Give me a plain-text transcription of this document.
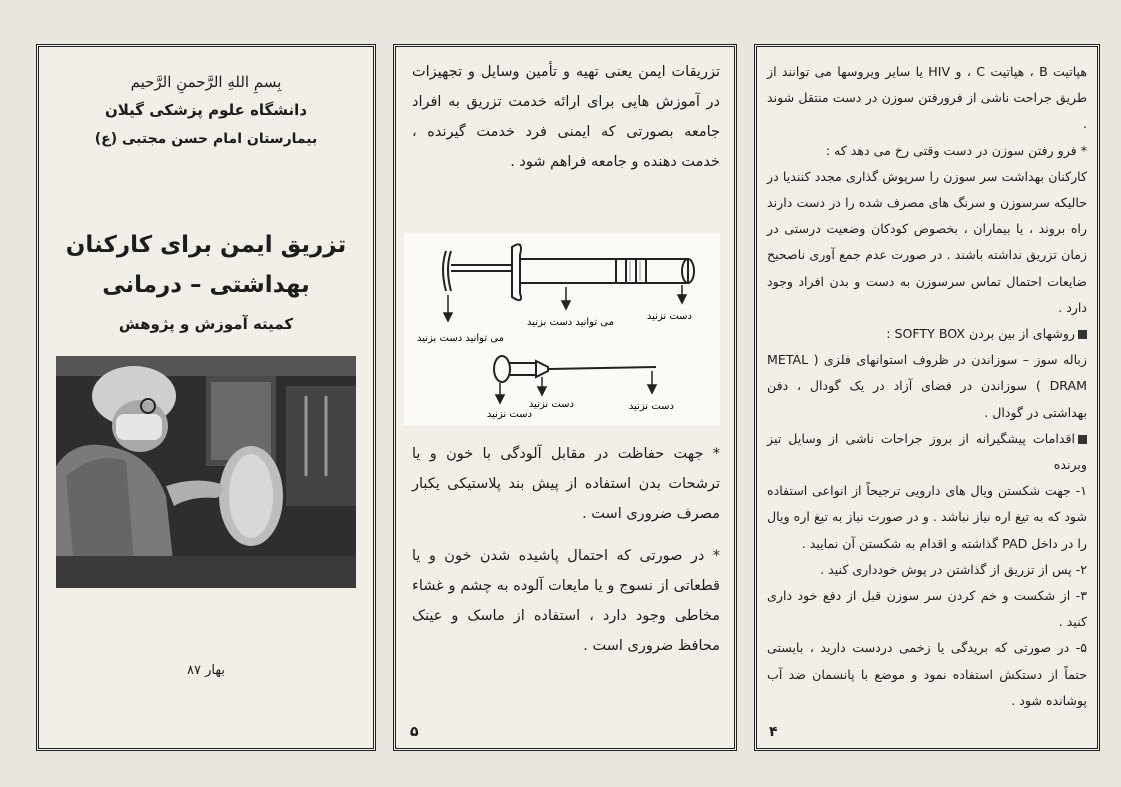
بِسمِ اللهِ الرَّحمنِ الرَّحیم
دانشگاه علوم پزشکی گیلان
بیمارستان امام حسن مجتبی (ع)
تزریق ایمن برای کارکنان
بهداشتی – درمانی
کمیته آموزش و پژوهش
بهار ۸۷
تزریقات ایمن یعنی تهیه و تأمین وسایل و تجهیزات در آموزش هایی برای ارائه خدمت تزریق به افراد جامعه بصورتی که ایمنی فرد خدمت گیرنده ، خدمت دهنده و جامعه فراهم شود .
دست نزنید
می توانید دست بزنید
می توانید دست بزنید
دست نزنید
دست نزنید
دست نزنید
* جهت حفاظت در مقابل آلودگی با خون و یا ترشحات بدن استفاده از پیش بند پلاستیکی یکبار مصرف ضروری است .
* در صورتی که احتمال پاشیده شدن خون و یا قطعاتی از نسوج و یا مایعات آلوده به چشم و غشاء مخاطی وجود دارد ، استفاده از ماسک و عینک محافظ ضروری است .
۵

هپاتیت B ، هپاتیت C ، و HIV یا سایر ویروسها می توانند از طریق جراحت ناشی از فرورفتن سوزن در دست منتقل شوند .

* فرو رفتن سوزن در دست وقتی رخ می دهد که :

کارکنان بهداشت سر سوزن را سرپوش گذاری مجدد کنندیا در حالیکه سرسوزن و سرنگ های مصرف شده را در دست دارند راه بروند ، یا بیماران ، بخصوص کودکان وضعیت درستی در زمان تزریق نداشته باشند . در صورت عدم جمع آوری ناصحیح ضایعات احتمال تماس سرسوزن به دست و بدن افراد وجود دارد .

روشهای از بین بردن SOFTY BOX :

زباله سوز – سوزاندن در ظروف استوانهای فلزی ( METAL DRAM ) سوزاندن در فضای آزاد در یک گودال ، دفن بهداشتی در گودال .

اقدامات پیشگیرانه از بروز جراحات ناشی از وسایل تیز وبرنده

۱- جهت شکستن ویال های دارویی ترجیحاً از انواعی استفاده شود که به تیغ اره نیاز نباشد . و در صورت نیاز به تیغ اره ویال را در داخل PAD گذاشته و اقدام به شکستن آن نمایید .

۲- پس از تزریق از گذاشتن در پوش خودداری کنید .

۳- از شکست و خم کردن سر سوزن قبل از دفع خود داری کنید .

۵- در صورتی که بریدگی یا زخمی دردست دارید ، بایستی حتماً از دستکش استفاده نمود و موضع با پانسمان ضد آب پوشانده شود .

۴
